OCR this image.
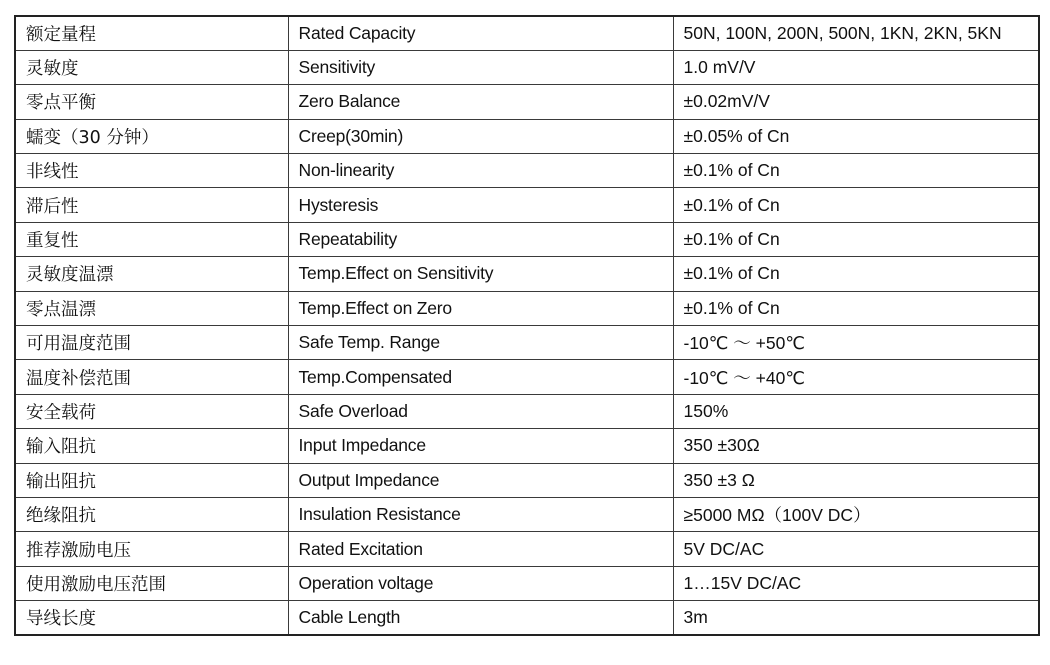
额定量程	Rated Capacity	50N, 100N, 200N, 500N, 1KN, 2KN, 5KN
灵敏度	Sensitivity	1.0 mV/V
零点平衡	Zero Balance	±0.02mV/V
蠕变（30 分钟）	Creep(30min)	±0.05% of Cn
非线性	Non-linearity	±0.1% of Cn
滞后性	Hysteresis	±0.1% of Cn
重复性	Repeatability	±0.1% of Cn
灵敏度温漂	Temp.Effect on Sensitivity	±0.1% of Cn
零点温漂	Temp.Effect on Zero	±0.1% of Cn
可用温度范围	Safe Temp. Range	-10℃ ～ +50℃
温度补偿范围	Temp.Compensated	-10℃ ～ +40℃
安全载荷	Safe Overload	150%
输入阻抗	Input Impedance	350 ±30Ω
输出阻抗	Output Impedance	350 ±3 Ω
绝缘阻抗	Insulation Resistance	≥5000 MΩ（100V DC）
推荐激励电压	Rated Excitation	5V DC/AC
使用激励电压范围	Operation voltage	1…15V DC/AC
导线长度	Cable Length	3m
